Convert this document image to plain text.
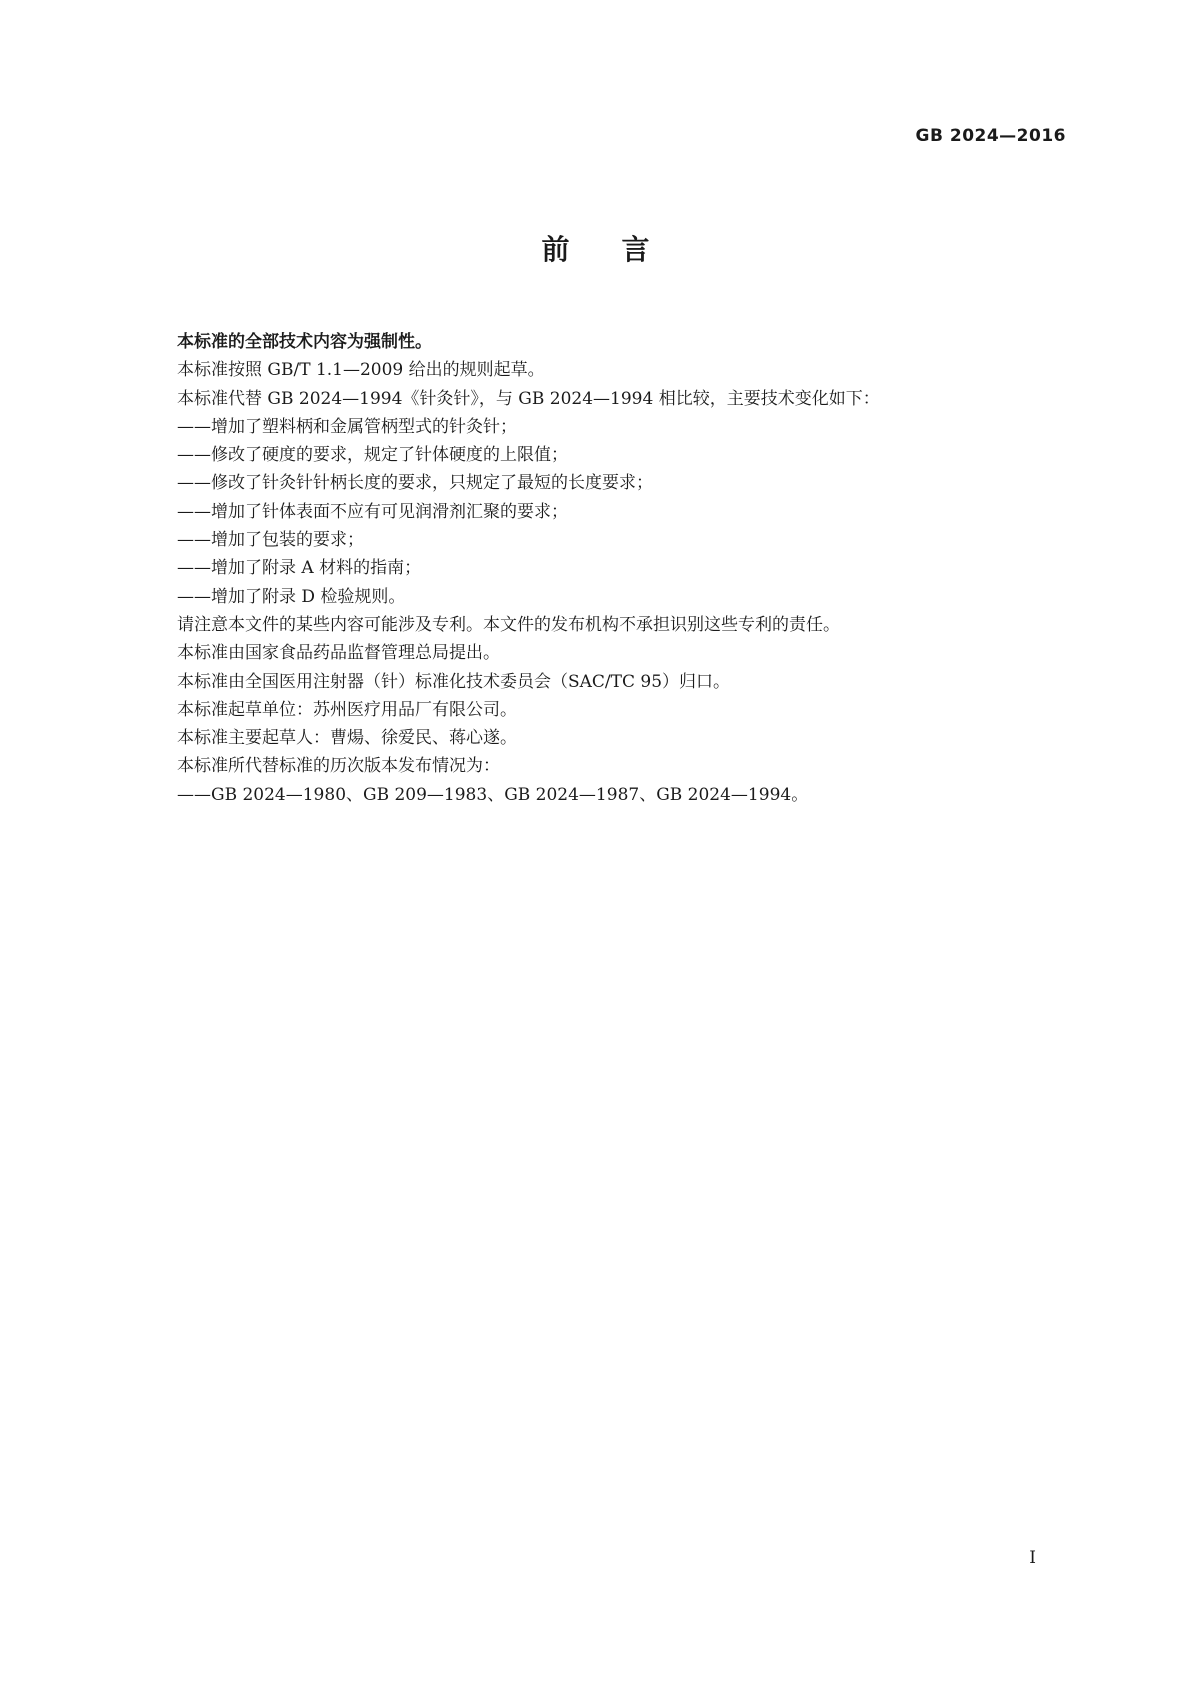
GB 2024—2016
前言

本标准的全部技术内容为强制性。

本标准按照 GB/T 1.1—2009 给出的规则起草。

本标准代替 GB 2024—1994《针灸针》，与 GB 2024—1994 相比较，主要技术变化如下：

——增加了塑料柄和金属管柄型式的针灸针；

——修改了硬度的要求，规定了针体硬度的上限值；

——修改了针灸针针柄长度的要求，只规定了最短的长度要求；

——增加了针体表面不应有可见润滑剂汇聚的要求；

——增加了包装的要求；

——增加了附录 A 材料的指南；

——增加了附录 D 检验规则。

请注意本文件的某些内容可能涉及专利。本文件的发布机构不承担识别这些专利的责任。

本标准由国家食品药品监督管理总局提出。

本标准由全国医用注射器（针）标准化技术委员会（SAC/TC 95）归口。

本标准起草单位：苏州医疗用品厂有限公司。

本标准主要起草人：曹煬、徐爱民、蒋心遂。

本标准所代替标准的历次版本发布情况为：

——GB 2024—1980、GB 209—1983、GB 2024—1987、GB 2024—1994。

I
